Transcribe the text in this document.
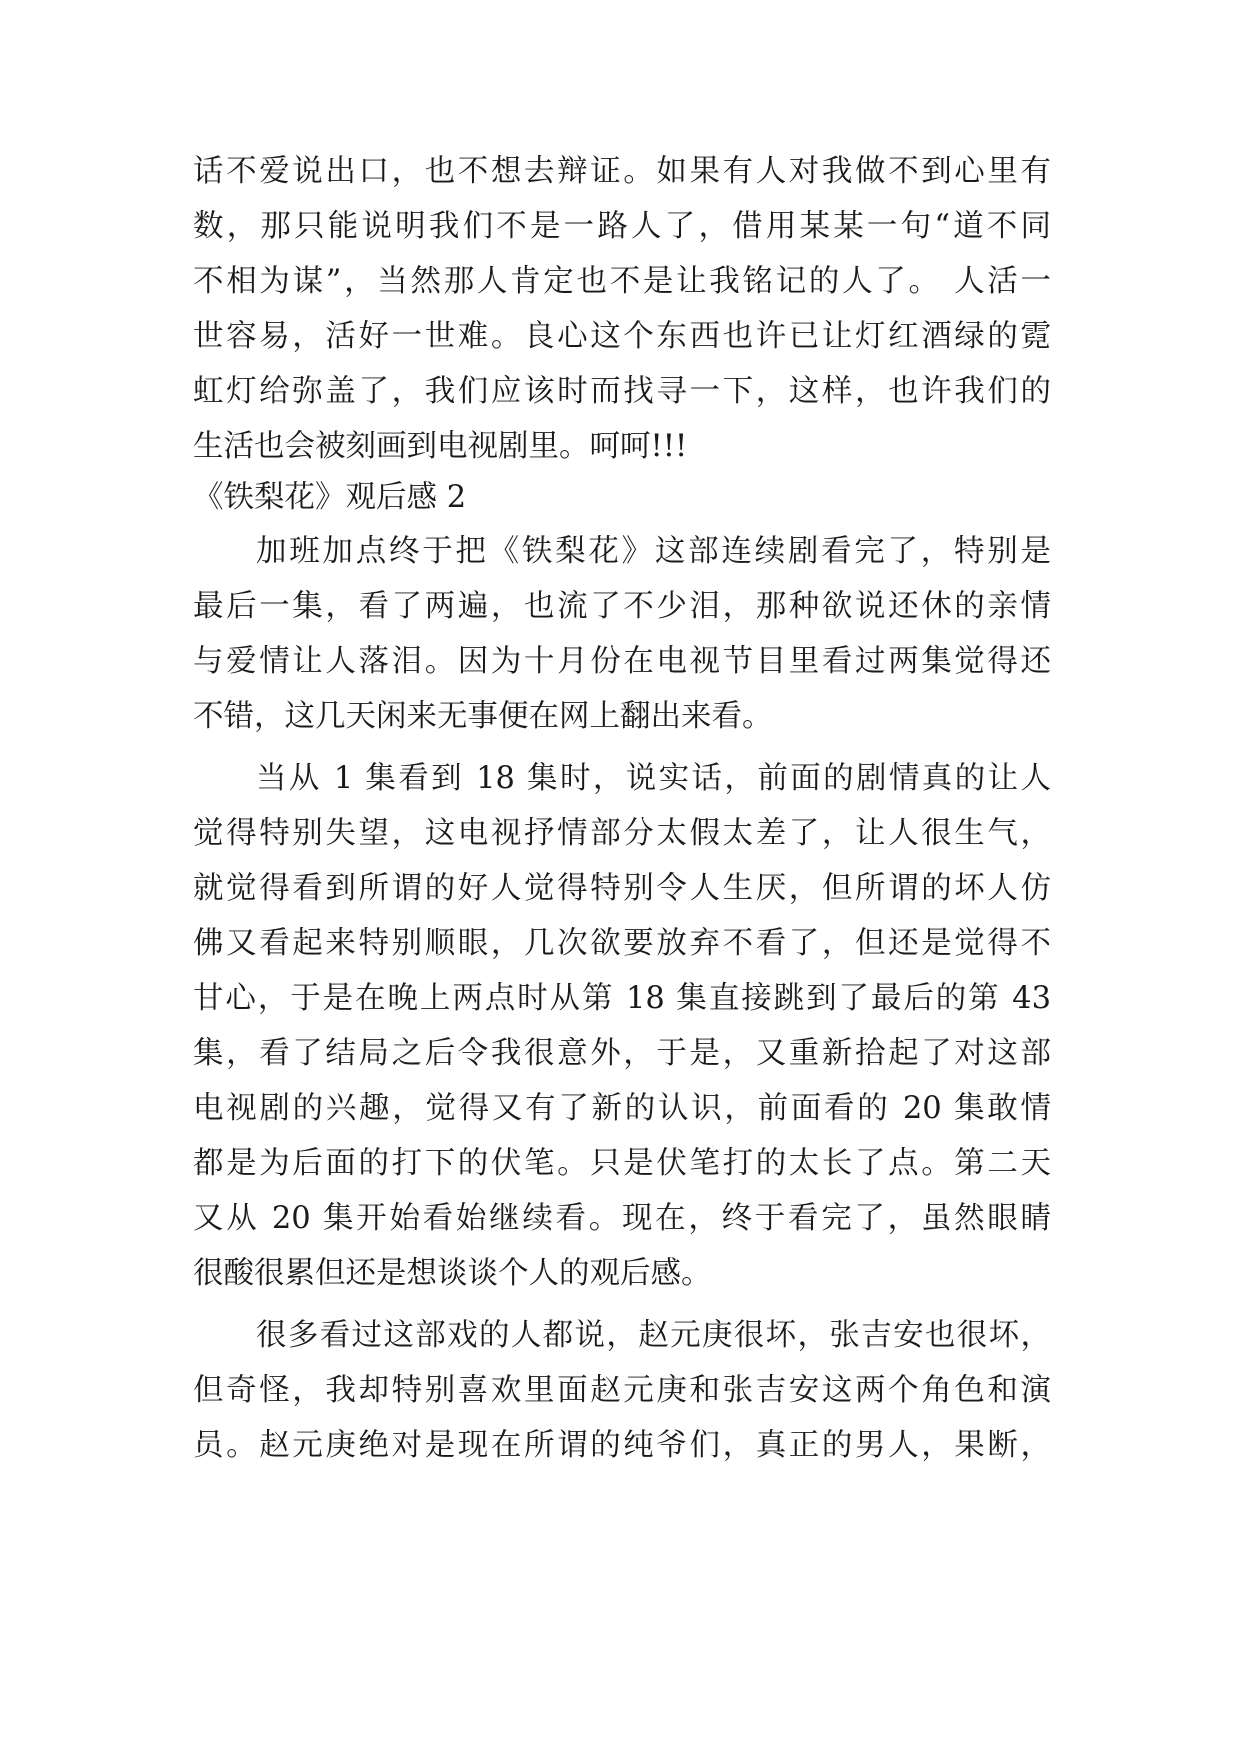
话不爱说出口，也不想去辩证。如果有人对我做不到心里有
数，那只能说明我们不是一路人了，借用某某一句“道不同
不相为谋”，当然那人肯定也不是让我铭记的人了。 人活一
世容易，活好一世难。良心这个东西也许已让灯红酒绿的霓
虹灯给弥盖了，我们应该时而找寻一下，这样，也许我们的
生活也会被刻画到电视剧里。呵呵!!!
《铁梨花》观后感 2
加班加点终于把《铁梨花》这部连续剧看完了，特别是
最后一集，看了两遍，也流了不少泪，那种欲说还休的亲情
与爱情让人落泪。因为十月份在电视节目里看过两集觉得还
不错，这几天闲来无事便在网上翻出来看。
当从 1 集看到 18 集时，说实话，前面的剧情真的让人
觉得特别失望，这电视抒情部分太假太差了，让人很生气，
就觉得看到所谓的好人觉得特别令人生厌，但所谓的坏人仿
佛又看起来特别顺眼，几次欲要放弃不看了，但还是觉得不
甘心，于是在晚上两点时从第 18 集直接跳到了最后的第 43
集，看了结局之后令我很意外，于是，又重新拾起了对这部
电视剧的兴趣，觉得又有了新的认识，前面看的 20 集敢情
都是为后面的打下的伏笔。只是伏笔打的太长了点。第二天
又从 20 集开始看始继续看。现在，终于看完了，虽然眼睛
很酸很累但还是想谈谈个人的观后感。
很多看过这部戏的人都说，赵元庚很坏，张吉安也很坏，
但奇怪，我却特别喜欢里面赵元庚和张吉安这两个角色和演
员。赵元庚绝对是现在所谓的纯爷们，真正的男人，果断，
